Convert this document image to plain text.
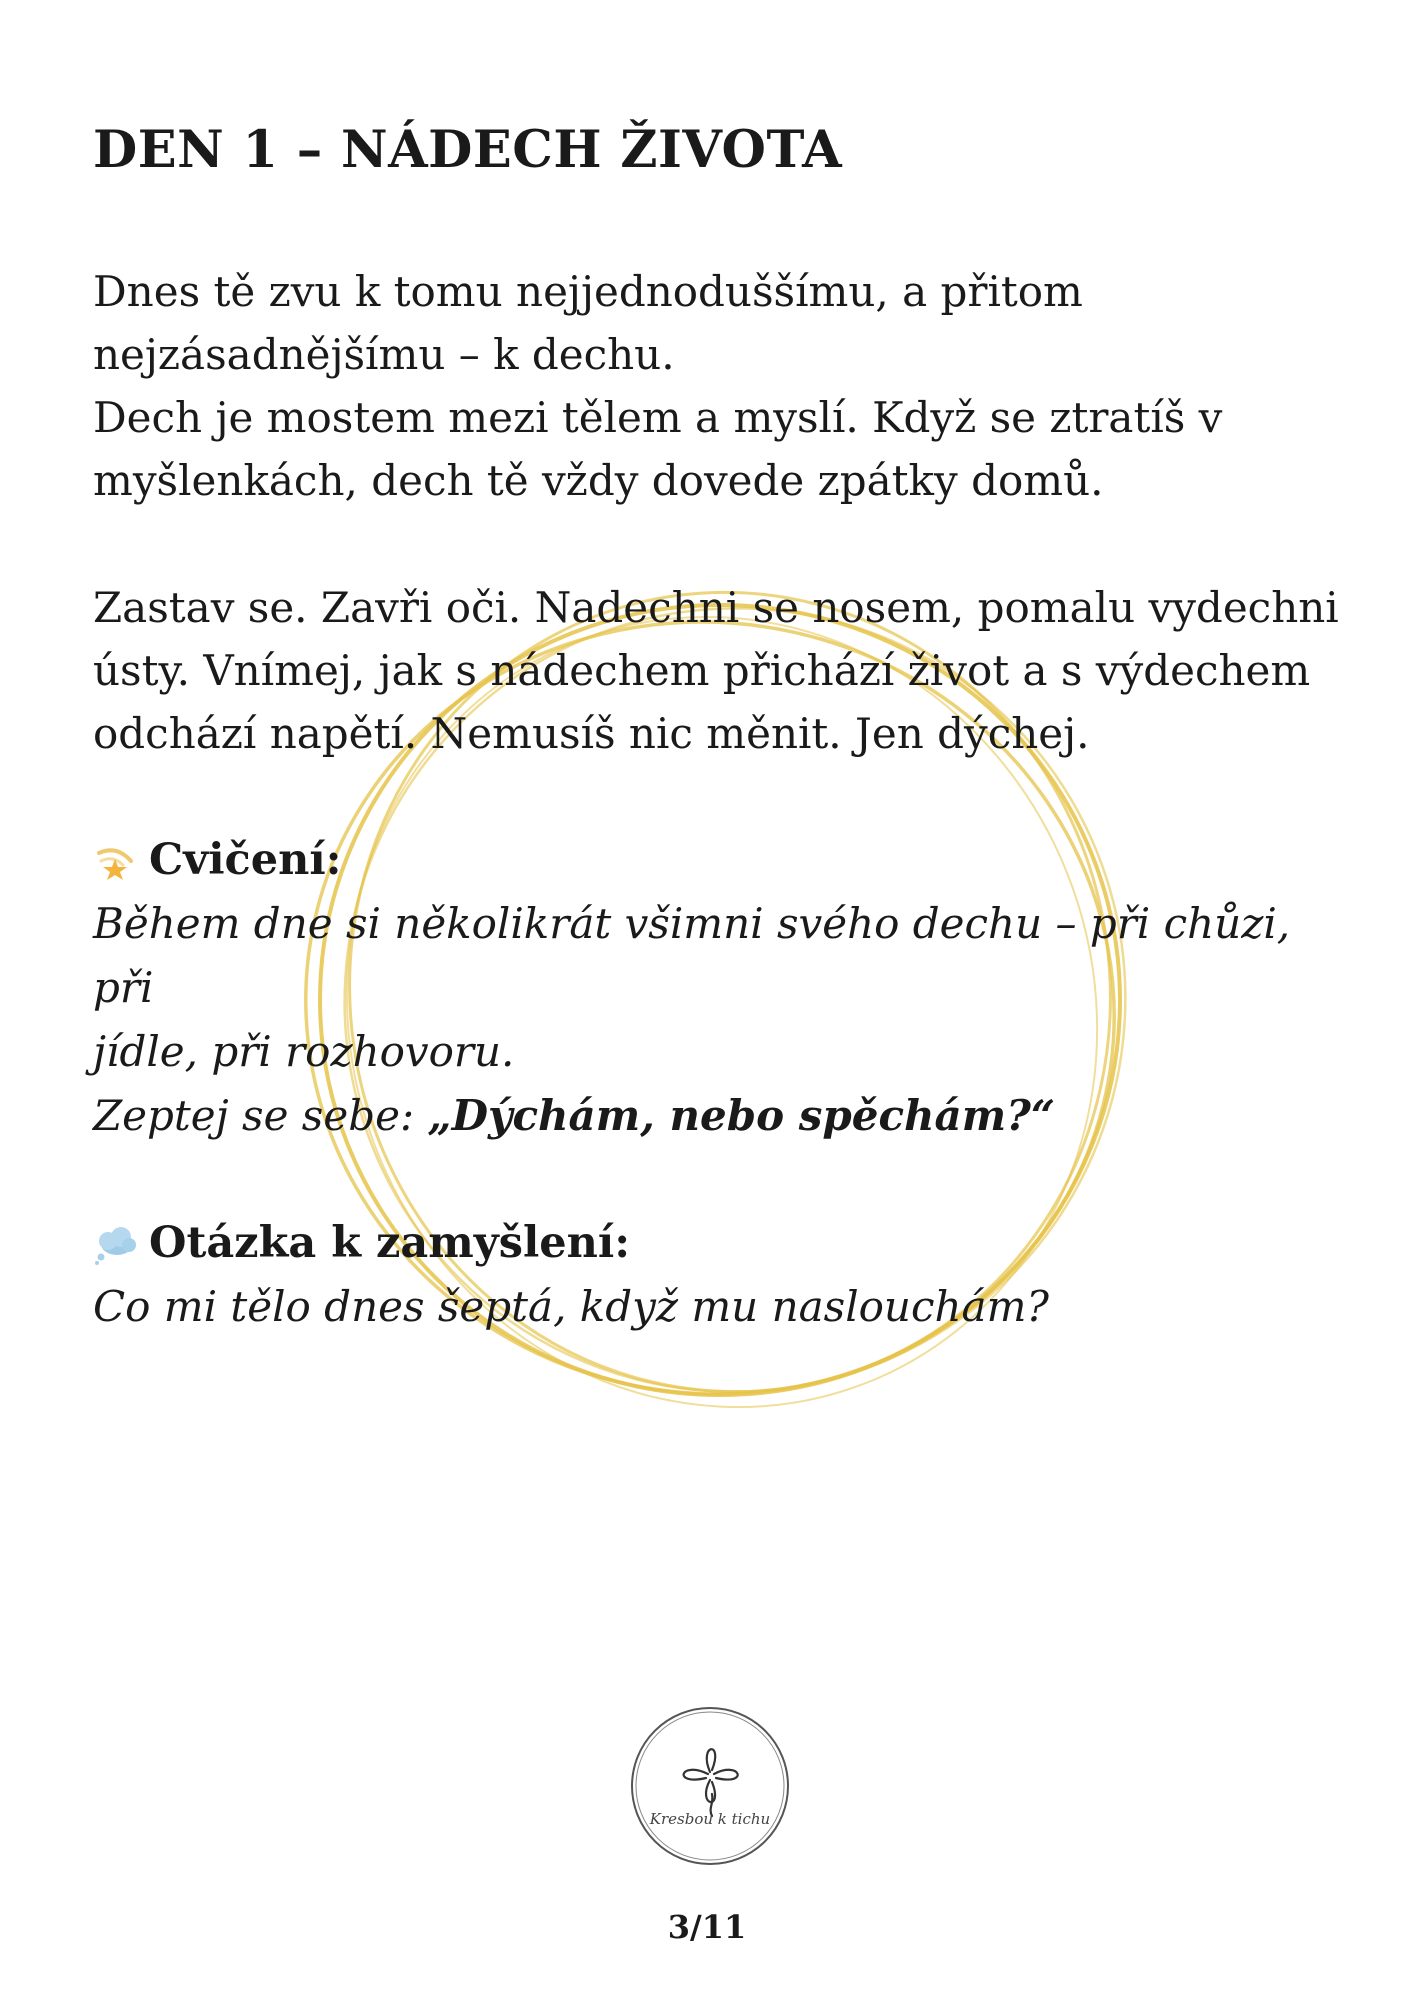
DEN 1 – NÁDECH ŽIVOTA
Dnes tě zvu k tomu nejjednoduššímu, a přitom
nejzásadnějšímu – k dechu.
Dech je mostem mezi tělem a myslí. Když se ztratíš v
myšlenkách, dech tě vždy dovede zpátky domů.
Zastav se. Zavři oči. Nadechni se nosem, pomalu vydechni
ústy. Vnímej, jak s nádechem přichází život a s výdechem
odchází napětí. Nemusíš nic měnit. Jen dýchej.
Cvičení:
Během dne si několikrát všimni svého dechu – při chůzi, při
jídle, při rozhovoru.
Zeptej se sebe: „Dýchám, nebo spěchám?“
Otázka k zamyšlení:
Co mi tělo dnes šeptá, když mu naslouchám?
Kresbou k tichu
3/11
